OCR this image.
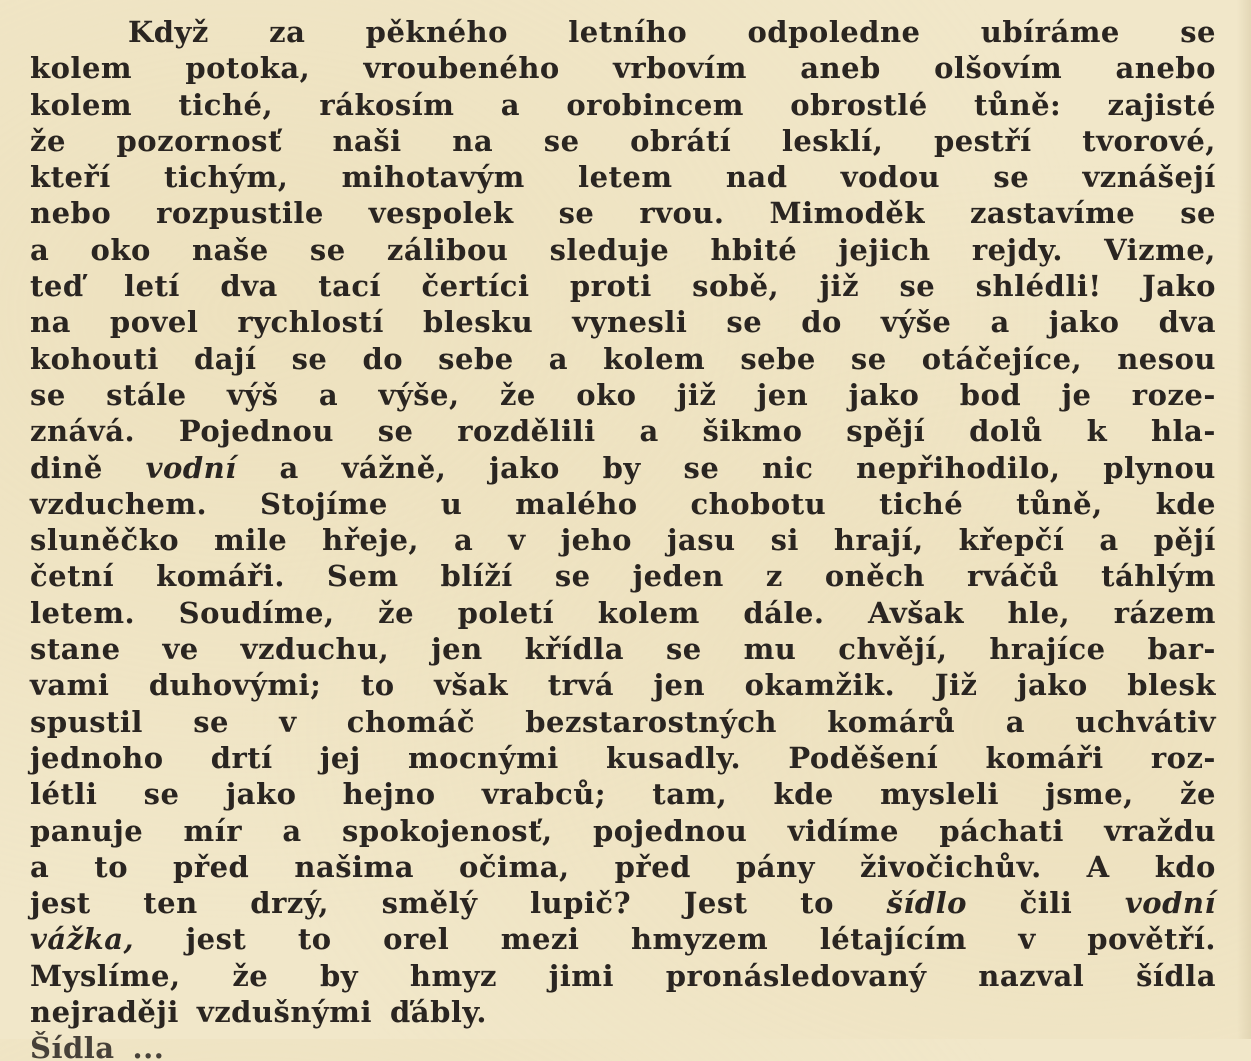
Když za pěkného letního odpoledne ubíráme se
kolem potoka, vroubeného vrbovím aneb olšovím anebo
kolem tiché, rákosím a orobincem obrostlé tůně: zajisté
že pozornosť naši na se obrátí lesklí, pestří tvorové,
kteří tichým, mihotavým letem nad vodou se vznášejí
nebo rozpustile vespolek se rvou. Mimoděk zastavíme se
a oko naše se zálibou sleduje hbité jejich rejdy. Vizme,
teď letí dva tací čertíci proti sobě, již se shlédli! Jako
na povel rychlostí blesku vynesli se do výše a jako dva
kohouti dají se do sebe a kolem sebe se otáčejíce, nesou
se stále výš a výše, že oko již jen jako bod je roze-
znává. Pojednou se rozdělili a šikmo spějí dolů k hla-
dině vodní a vážně, jako by se nic nepřihodilo, plynou
vzduchem. Stojíme u malého chobotu tiché tůně, kde
sluněčko mile hřeje, a v jeho jasu si hrají, křepčí a pějí
četní komáři. Sem blíží se jeden z oněch rváčů táhlým
letem. Soudíme, že poletí kolem dále. Avšak hle, rázem
stane ve vzduchu, jen křídla se mu chvějí, hrajíce bar-
vami duhovými; to však trvá jen okamžik. Již jako blesk
spustil se v chomáč bezstarostných komárů a uchvátiv
jednoho drtí jej mocnými kusadly. Poděšení komáři roz-
létli se jako hejno vrabců; tam, kde mysleli jsme, že
panuje mír a spokojenosť, pojednou vidíme páchati vraždu
a to před našima očima, před pány živočichův. A kdo
jest ten drzý, smělý lupič? Jest to šídlo čili vodní
vážka, jest to orel mezi hmyzem létajícím v povětří.
Myslíme, že by hmyz jimi pronásledovaný nazval šídla
nejraději vzdušnými ďábly.
Šídla ...
